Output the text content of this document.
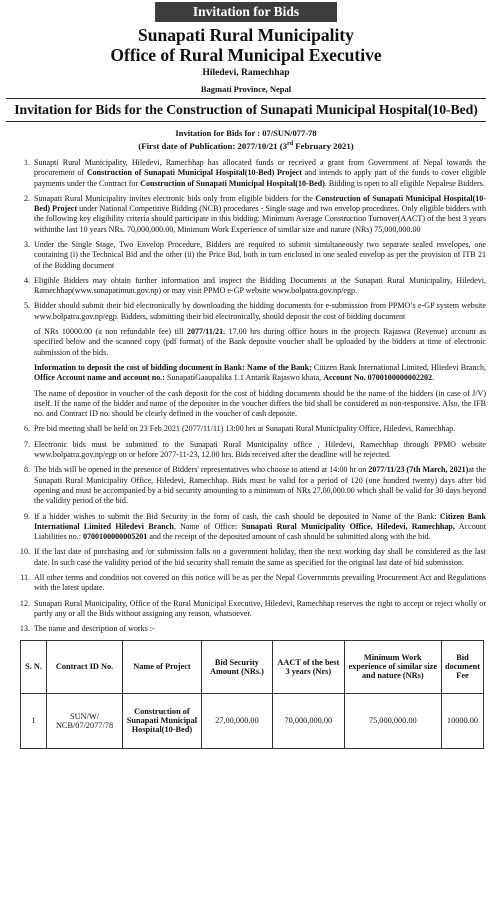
Invitation for Bids
Sunapati Rural Municipality
Office of Rural Municipal Executive
Hiledevi, Ramechhap
Bagmati Province, Nepal
Invitation for Bids for the Construction of Sunapati Municipal Hospital(10-Bed)
Invitation for Bids for : 07/SUN/077-78
(First date of Publication: 2077/10/21 (3rd February 2021)
1. Sunapti Rural Municipality, Hiledevi, Ramechhap has allocated funds or received a grant from Government of Nepal towards the procurement of Construction of Sunapati Municipal Hospital(10-Bed) Project and intends to apply part of the funds to cover eligible payments under the Contract for Construction of Sunapati Municipal Hospital(10-Bed). Bidding is open to all eligible Nepalese Bidders.
2. Sunapati Rural Municipality invites electronic bids only from eligible bidders for the Construction of Sunapati Municipal Hospital(10-Bed) Project under National Competitive Bidding (NCB) procedures - Single stage and two envelop procedures. Only eligible bidders with the following key eligibility criteria should participate in this bidding: Minimum Average Construction Turnover(AACT) of the best 3 years withinthe last 10 years NRs. 70,000,000.00, Minimum Work Experience of similar size and nature (NRs) 75,000,000.00
3. Under the Single Stage, Two Envelop Procedure, Bidders are required to submit simultaneously two separate sealed envelopes, one containing (i) the Technical Bid and the other (ii) the Price Bid, both in turn enclosed in one sealed envelop as per the provision of ITB 21 of the Bidding document
4. Eligible Bidders may obtain further information and inspect the Bidding Documents at the Sunapati Rural Municipality, Hiledevi, Ramechhap(www.sunapatimun.gov.np) or may visit PPMO e-GP website www.bolpatra.gov.np/egp.
5. Bidder should submit their bid electronically by downloading the bidding documents for e-submission from PPMO’s e-GP system website www.bolpatra.gov.np/egp. Bidders, submitting their bid electronically, should deposit the cost of bidding document

of NRs 10000.00 (a non refundable fee) till 2077/11/21. 17.00 hrs during office hours in the projects Rajaswa (Revenue) account as specified below and the scanned copy (pdf format) of the Bank deposite voucher shall be uploaded by the bidders at time of electronic submission of the bids.

Information to deposit the cost of bidding document in Bank: Name of the Bank: Citizen Bank International Limited, Hliedevi Branch, Office Account name and account no.: SunapatiGaaupalika 1.1 Antarik Rajaswo khata, Account No. 0700100000002202.

The name of depositor in voucher of the cash deposit for the cost of bidding documents should be the name of the bidders (in case of J/V) itself. If the name of the bidder and name of the depositer in the voucher differs the bid shall be considered as non-responsive. Also, the IFB no. and Contract ID no. should be clearly defined in the voucher of cash deposite.

6. Pre bid meeting shall be held on 23 Feb 2021 (2077/11/11) 13:00 hrs at Sunapati Rural Municipality Office, Hiledevi, Ramechhap.
7. Electronic bids must be submitted to the Sunapati Rural Municipality office , Hiledevi, Ramechhap through PPMO website www.bolpatra.gov.np/egp on or before 2077-11-23, 12.00 hrs. Bids received after the deadline will be rejected.
8. The bids will be opened in the presence of Bidders' representatives who choose to attend at 14:00 hr on 2077/11/23 (7th March, 2021)at the Sunapati Rural Municipality Office, Hiledevi, Ramechhap. Bids must be valid for a period of 120 (one hundred twenty) days after bid opening and must be accompanied by a bid security amounting to a minimum of NRs 27,00,000.00 which shall be valid for 30 days beyond the validity period of the bid.
9. If a bidder wishes to submit the Bid Security in the form of cash, the cash should be deposited in Name of the Bank: Citizen Bank International Limited Hiledevi Branch, Name of Office: Sunapati Rural Municipality Office, Hiledevi, Ramechhap, Account Liabilities no.: 0700100000005201 and the receipt of the deposited amount of cash should be submitted along with the bid.
10. If the last date of purchasing and /or submission falls on a government holiday, then the next working day shall be considered as the last date. In such case the validity period of the bid security shall remain the same as specified for the original last date of bid submission.
11. All other terms and conditios not covered on this notice will be as per the Nepal Governmrnts prevailing Procurement Act and Regulations with the latest update.
12. Sunapati Rural Municipality, Office of the Rural Municipal Executive, Hiledevi, Ramechhap reserves the right to accept or reject wholly or partly any or all the Bids without assigning any reason, whatsoever.
13. The name and description of works :-
S. N.	Contract ID No.	Name of Project	Bid Security Amount (NRs.)	AACT of the best 3 years (Nrs)	Minimum Work experience of similar size and nature (NRs)	Bid document Fee
1	SUN/W/ NCB/07/2077/78	Construction of Sunapati Municipal Hospital(10-Bed)	27,00,000.00	70,000,000.00	75,000,000.00	10000.00
